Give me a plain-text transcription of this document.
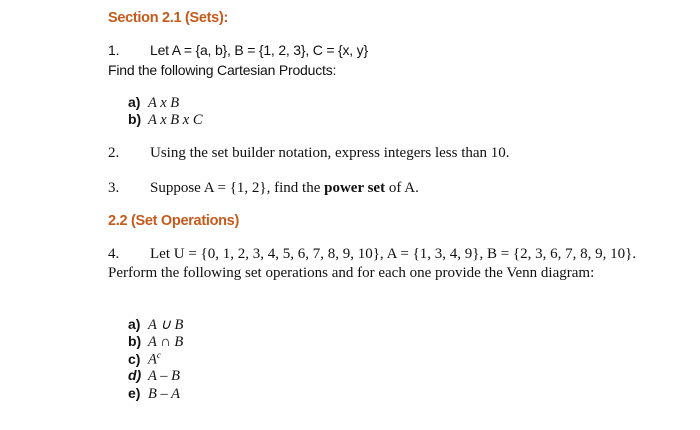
Section 2.1 (Sets):
1. Let A = {a, b}, B = {1, 2, 3}, C = {x, y}
Find the following Cartesian Products:
a) A x B
b) A x B x C
2. Using the set builder notation, express integers less than 10.
3. Suppose A = {1, 2}, find the power set of A.
2.2 (Set Operations)
4. Let U = {0, 1, 2, 3, 4, 5, 6, 7, 8, 9, 10}, A = {1, 3, 4, 9}, B = {2, 3, 6, 7, 8, 9, 10}.
Perform the following set operations and for each one provide the Venn diagram:
a) A ∪ B
b) A ∩ B
c) $A^c$
d) A – B
e) B – A
